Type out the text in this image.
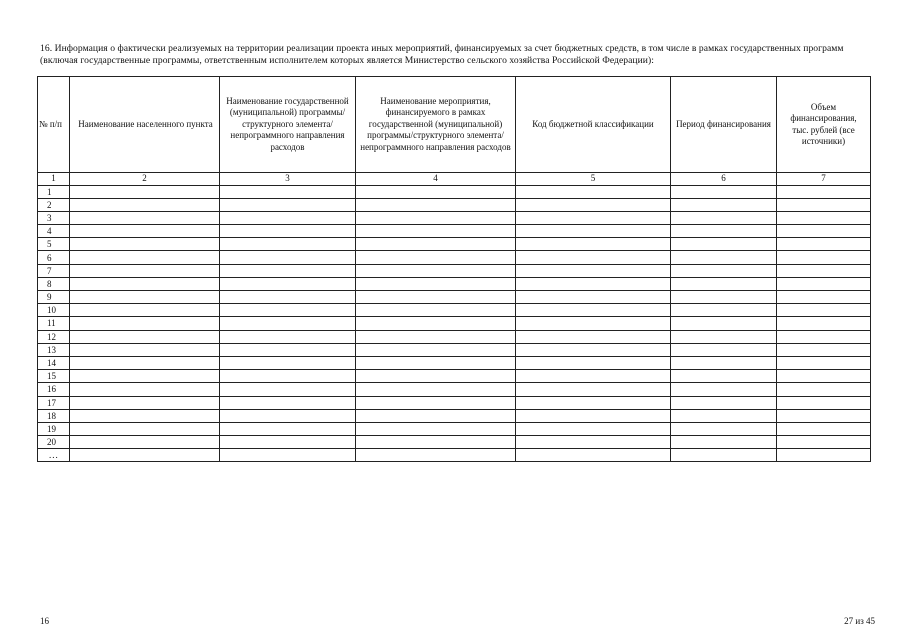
16. Информация о фактически реализуемых на территории реализации проекта иных мероприятий, финансируемых за счет бюджетных средств, в том числе в рамках государственных программ (включая государственные программы, ответственным исполнителем которых является Министерство сельского хозяйства Российской Федерации):
№ п/п	Наименование населенного пункта	Наименование государственной (муниципальной) программы/структурного элемента/непрограммного направления расходов	Наименование мероприятия, финансируемого в рамках государственной (муниципальной) программы/структурного элемента/непрограммного направления расходов	Код бюджетной классификации	Период финансирования	Объем финансирования, тыс. рублей (все источники)
1	2	3	4	5	6	7
1						
2						
3						
4						
5						
6						
7						
8						
9						
10						
11						
12						
13						
14						
15						
16						
17						
18						
19						
20						
...						
16	27 из 45
